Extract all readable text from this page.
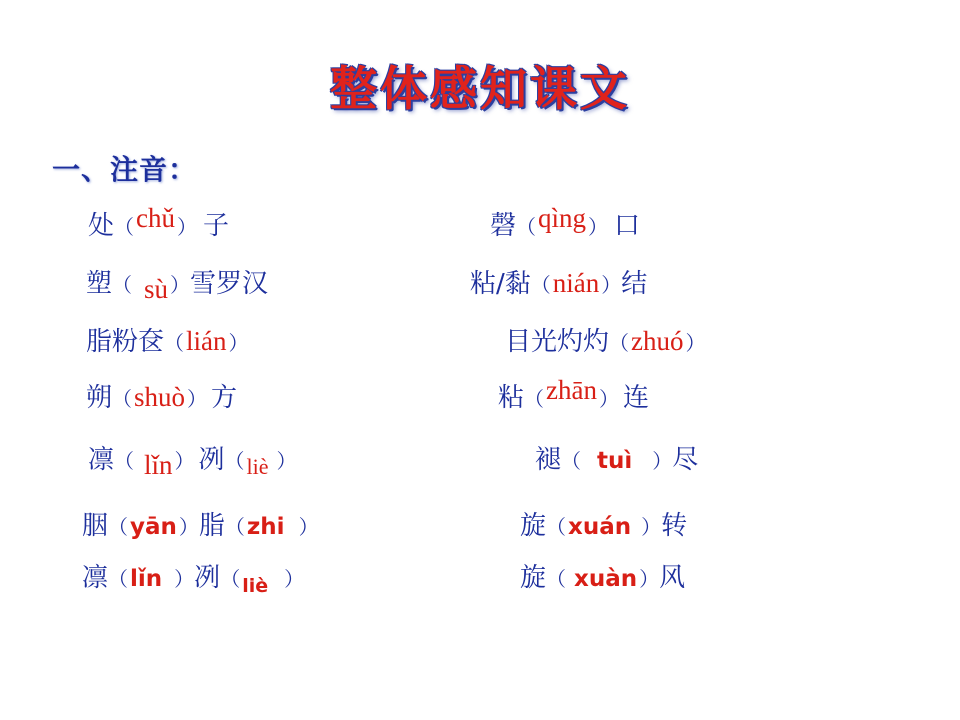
整体感知课文
一、注音：
处 （ chǔ ） 子	磬 （ qìng ） 口
塑 （ sù ） 雪罗汉	粘/黏 （ nián ） 结
脂粉奁 （ lián ）	目光灼灼 （ zhuó ）
朔 （ shuò ） 方	粘 （ zhān ） 连
凛 （ lǐn ） 冽 （ liè ）	褪 （ tuì ） 尽
胭 （ yān ） 脂 （ zhi ）	旋 （ xuán ） 转
凛 （ lǐn ） 冽 （ liè ）	旋 （ xuàn ） 风
